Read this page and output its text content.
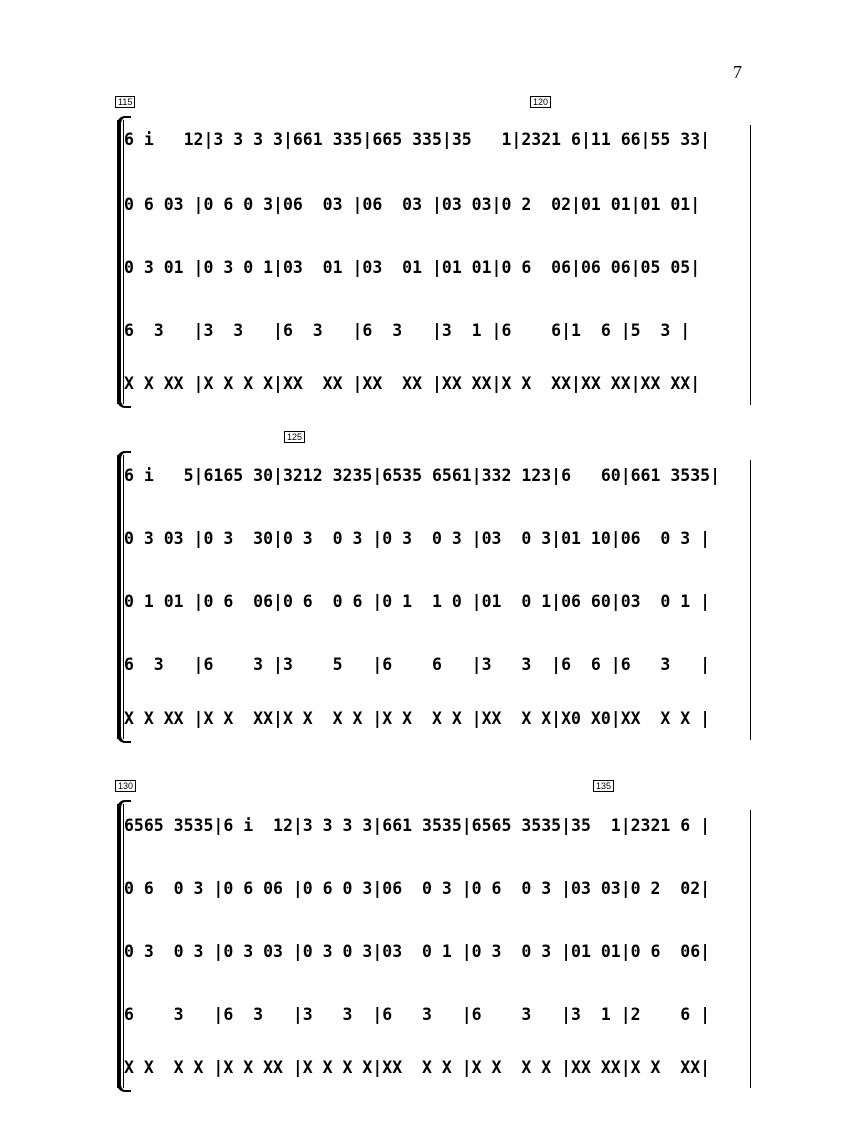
7
115	120
6 i   12|3 3 3 3|661 335|665 335|35   1|2321 6|11 66|55 33|
0 6 03 |0 6 0 3|06  03 |06  03 |03 03|0 2  02|01 01|01 01|
0 3 01 |0 3 0 1|03  01 |03  01 |01 01|0 6  06|06 06|05 05|
6  3   |3  3   |6  3   |6  3   |3  1 |6    6|1  6 |5  3 |
X X XX |X X X X|XX  XX |XX  XX |XX XX|X X  XX|XX XX|XX XX|
125
6 i   5|6165 30|3212 3235|6535 6561|332 123|6   60|661 3535|
0 3 03 |0 3  30|0 3  0 3 |0 3  0 3 |03  0 3|01 10|06  0 3 |
0 1 01 |0 6  06|0 6  0 6 |0 1  1 0 |01  0 1|06 60|03  0 1 |
6  3   |6    3 |3    5   |6    6   |3   3  |6  6 |6   3   |
X X XX |X X  XX|X X  X X |X X  X X |XX  X X|X0 X0|XX  X X |
130	135
6565 3535|6 i  12|3 3 3 3|661 3535|6565 3535|35  1|2321 6 |
0 6  0 3 |0 6 06 |0 6 0 3|06  0 3 |0 6  0 3 |03 03|0 2  02|
0 3  0 3 |0 3 03 |0 3 0 3|03  0 1 |0 3  0 3 |01 01|0 6  06|
6    3   |6  3   |3   3  |6   3   |6    3   |3  1 |2    6 |
X X  X X |X X XX |X X X X|XX  X X |X X  X X |XX XX|X X  XX|
